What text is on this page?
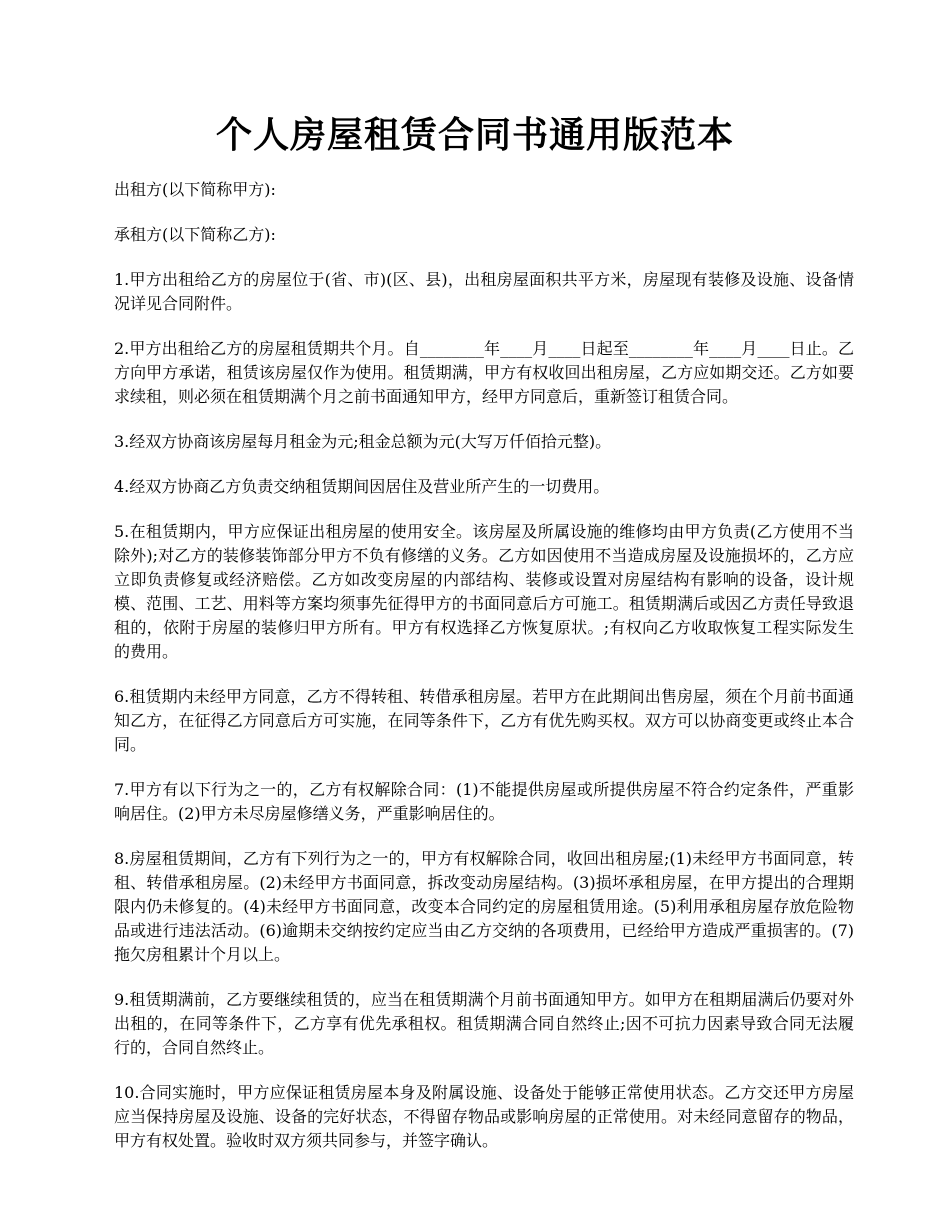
个人房屋租赁合同书通用版范本

出租方(以下简称甲方):

承租方(以下简称乙方):

1.甲方出租给乙方的房屋位于(省、市)(区、县)，出租房屋面积共平方米，房屋现有装修及设施、设备情况详见合同附件。

2.甲方出租给乙方的房屋租赁期共个月。自________年____月____日起至________年____月____日止。乙方向甲方承诺，租赁该房屋仅作为使用。租赁期满，甲方有权收回出租房屋，乙方应如期交还。乙方如要求续租，则必须在租赁期满个月之前书面通知甲方，经甲方同意后，重新签订租赁合同。

3.经双方协商该房屋每月租金为元;租金总额为元(大写万仟佰拾元整)。

4.经双方协商乙方负责交纳租赁期间因居住及营业所产生的一切费用。

5.在租赁期内，甲方应保证出租房屋的使用安全。该房屋及所属设施的维修均由甲方负责(乙方使用不当除外);对乙方的装修装饰部分甲方不负有修缮的义务。乙方如因使用不当造成房屋及设施损坏的，乙方应立即负责修复或经济赔偿。乙方如改变房屋的内部结构、装修或设置对房屋结构有影响的设备，设计规模、范围、工艺、用料等方案均须事先征得甲方的书面同意后方可施工。租赁期满后或因乙方责任导致退租的，依附于房屋的装修归甲方所有。甲方有权选择乙方恢复原状。;有权向乙方收取恢复工程实际发生的费用。

6.租赁期内未经甲方同意，乙方不得转租、转借承租房屋。若甲方在此期间出售房屋，须在个月前书面通知乙方，在征得乙方同意后方可实施，在同等条件下，乙方有优先购买权。双方可以协商变更或终止本合同。

7.甲方有以下行为之一的，乙方有权解除合同：(1)不能提供房屋或所提供房屋不符合约定条件，严重影响居住。(2)甲方未尽房屋修缮义务，严重影响居住的。

8.房屋租赁期间，乙方有下列行为之一的，甲方有权解除合同，收回出租房屋;(1)未经甲方书面同意，转租、转借承租房屋。(2)未经甲方书面同意，拆改变动房屋结构。(3)损坏承租房屋，在甲方提出的合理期限内仍未修复的。(4)未经甲方书面同意，改变本合同约定的房屋租赁用途。(5)利用承租房屋存放危险物品或进行违法活动。(6)逾期未交纳按约定应当由乙方交纳的各项费用，已经给甲方造成严重损害的。(7)拖欠房租累计个月以上。

9.租赁期满前，乙方要继续租赁的，应当在租赁期满个月前书面通知甲方。如甲方在租期届满后仍要对外出租的，在同等条件下，乙方享有优先承租权。租赁期满合同自然终止;因不可抗力因素导致合同无法履行的，合同自然终止。

10.合同实施时，甲方应保证租赁房屋本身及附属设施、设备处于能够正常使用状态。乙方交还甲方房屋应当保持房屋及设施、设备的完好状态，不得留存物品或影响房屋的正常使用。对未经同意留存的物品，甲方有权处置。验收时双方须共同参与，并签字确认。
